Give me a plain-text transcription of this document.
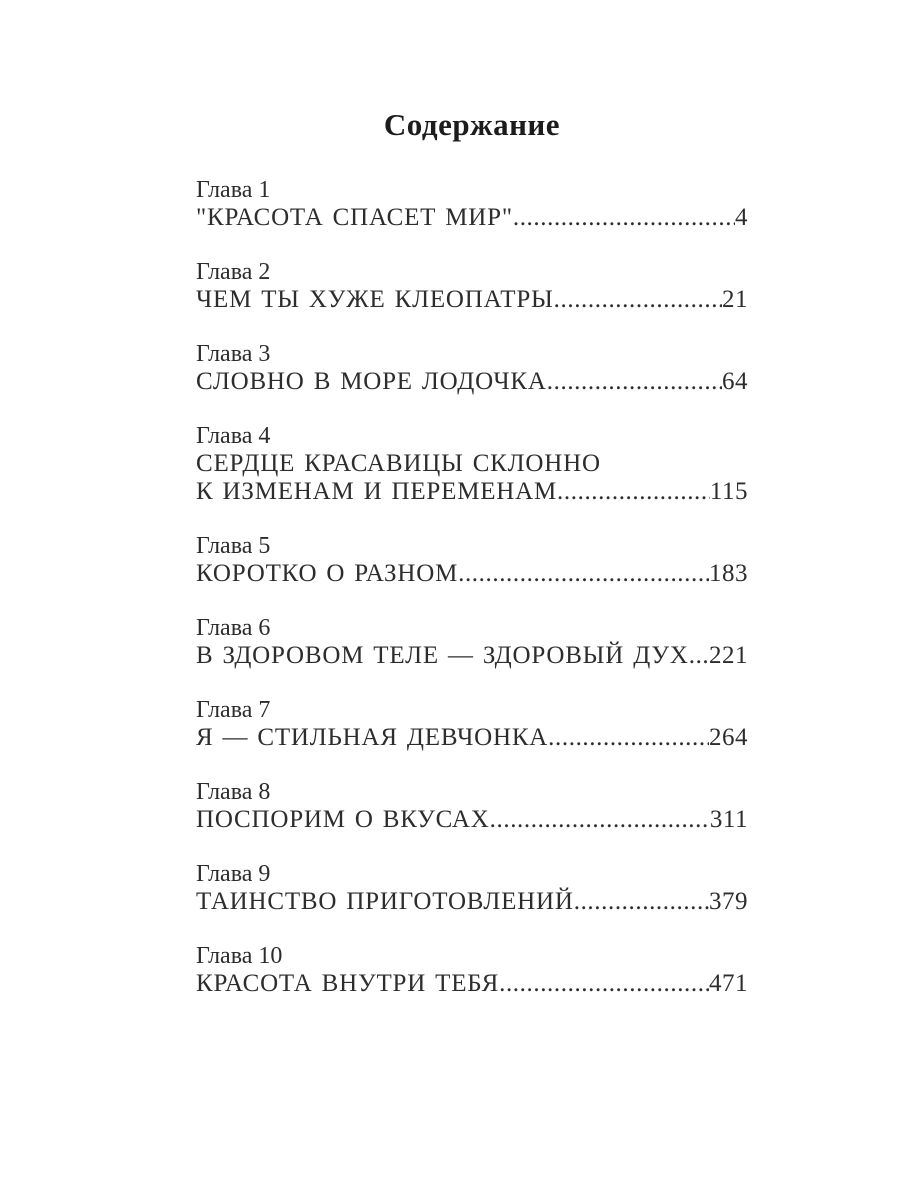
Содержание
Глава 1
"КРАСОТА СПАСЕТ МИР" .....	4
Глава 2
ЧЕМ ТЫ ХУЖЕ КЛЕОПАТРЫ .....	21
Глава 3
СЛОВНО В МОРЕ ЛОДОЧКА .....	64
Глава 4
СЕРДЦЕ КРАСАВИЦЫ СКЛОННО
К ИЗМЕНАМ И ПЕРЕМЕНАМ .....	115
Глава 5
КОРОТКО О РАЗНОМ .....	183
Глава 6
В ЗДОРОВОМ ТЕЛЕ — ЗДОРОВЫЙ ДУХ ..... 221
Глава 7
Я — СТИЛЬНАЯ ДЕВЧОНКА .....	264
Глава 8
ПОСПОРИМ О ВКУСАХ .....	311
Глава 9
ТАИНСТВО ПРИГОТОВЛЕНИЙ .....	379
Глава 10
КРАСОТА ВНУТРИ ТЕБЯ .....	471
